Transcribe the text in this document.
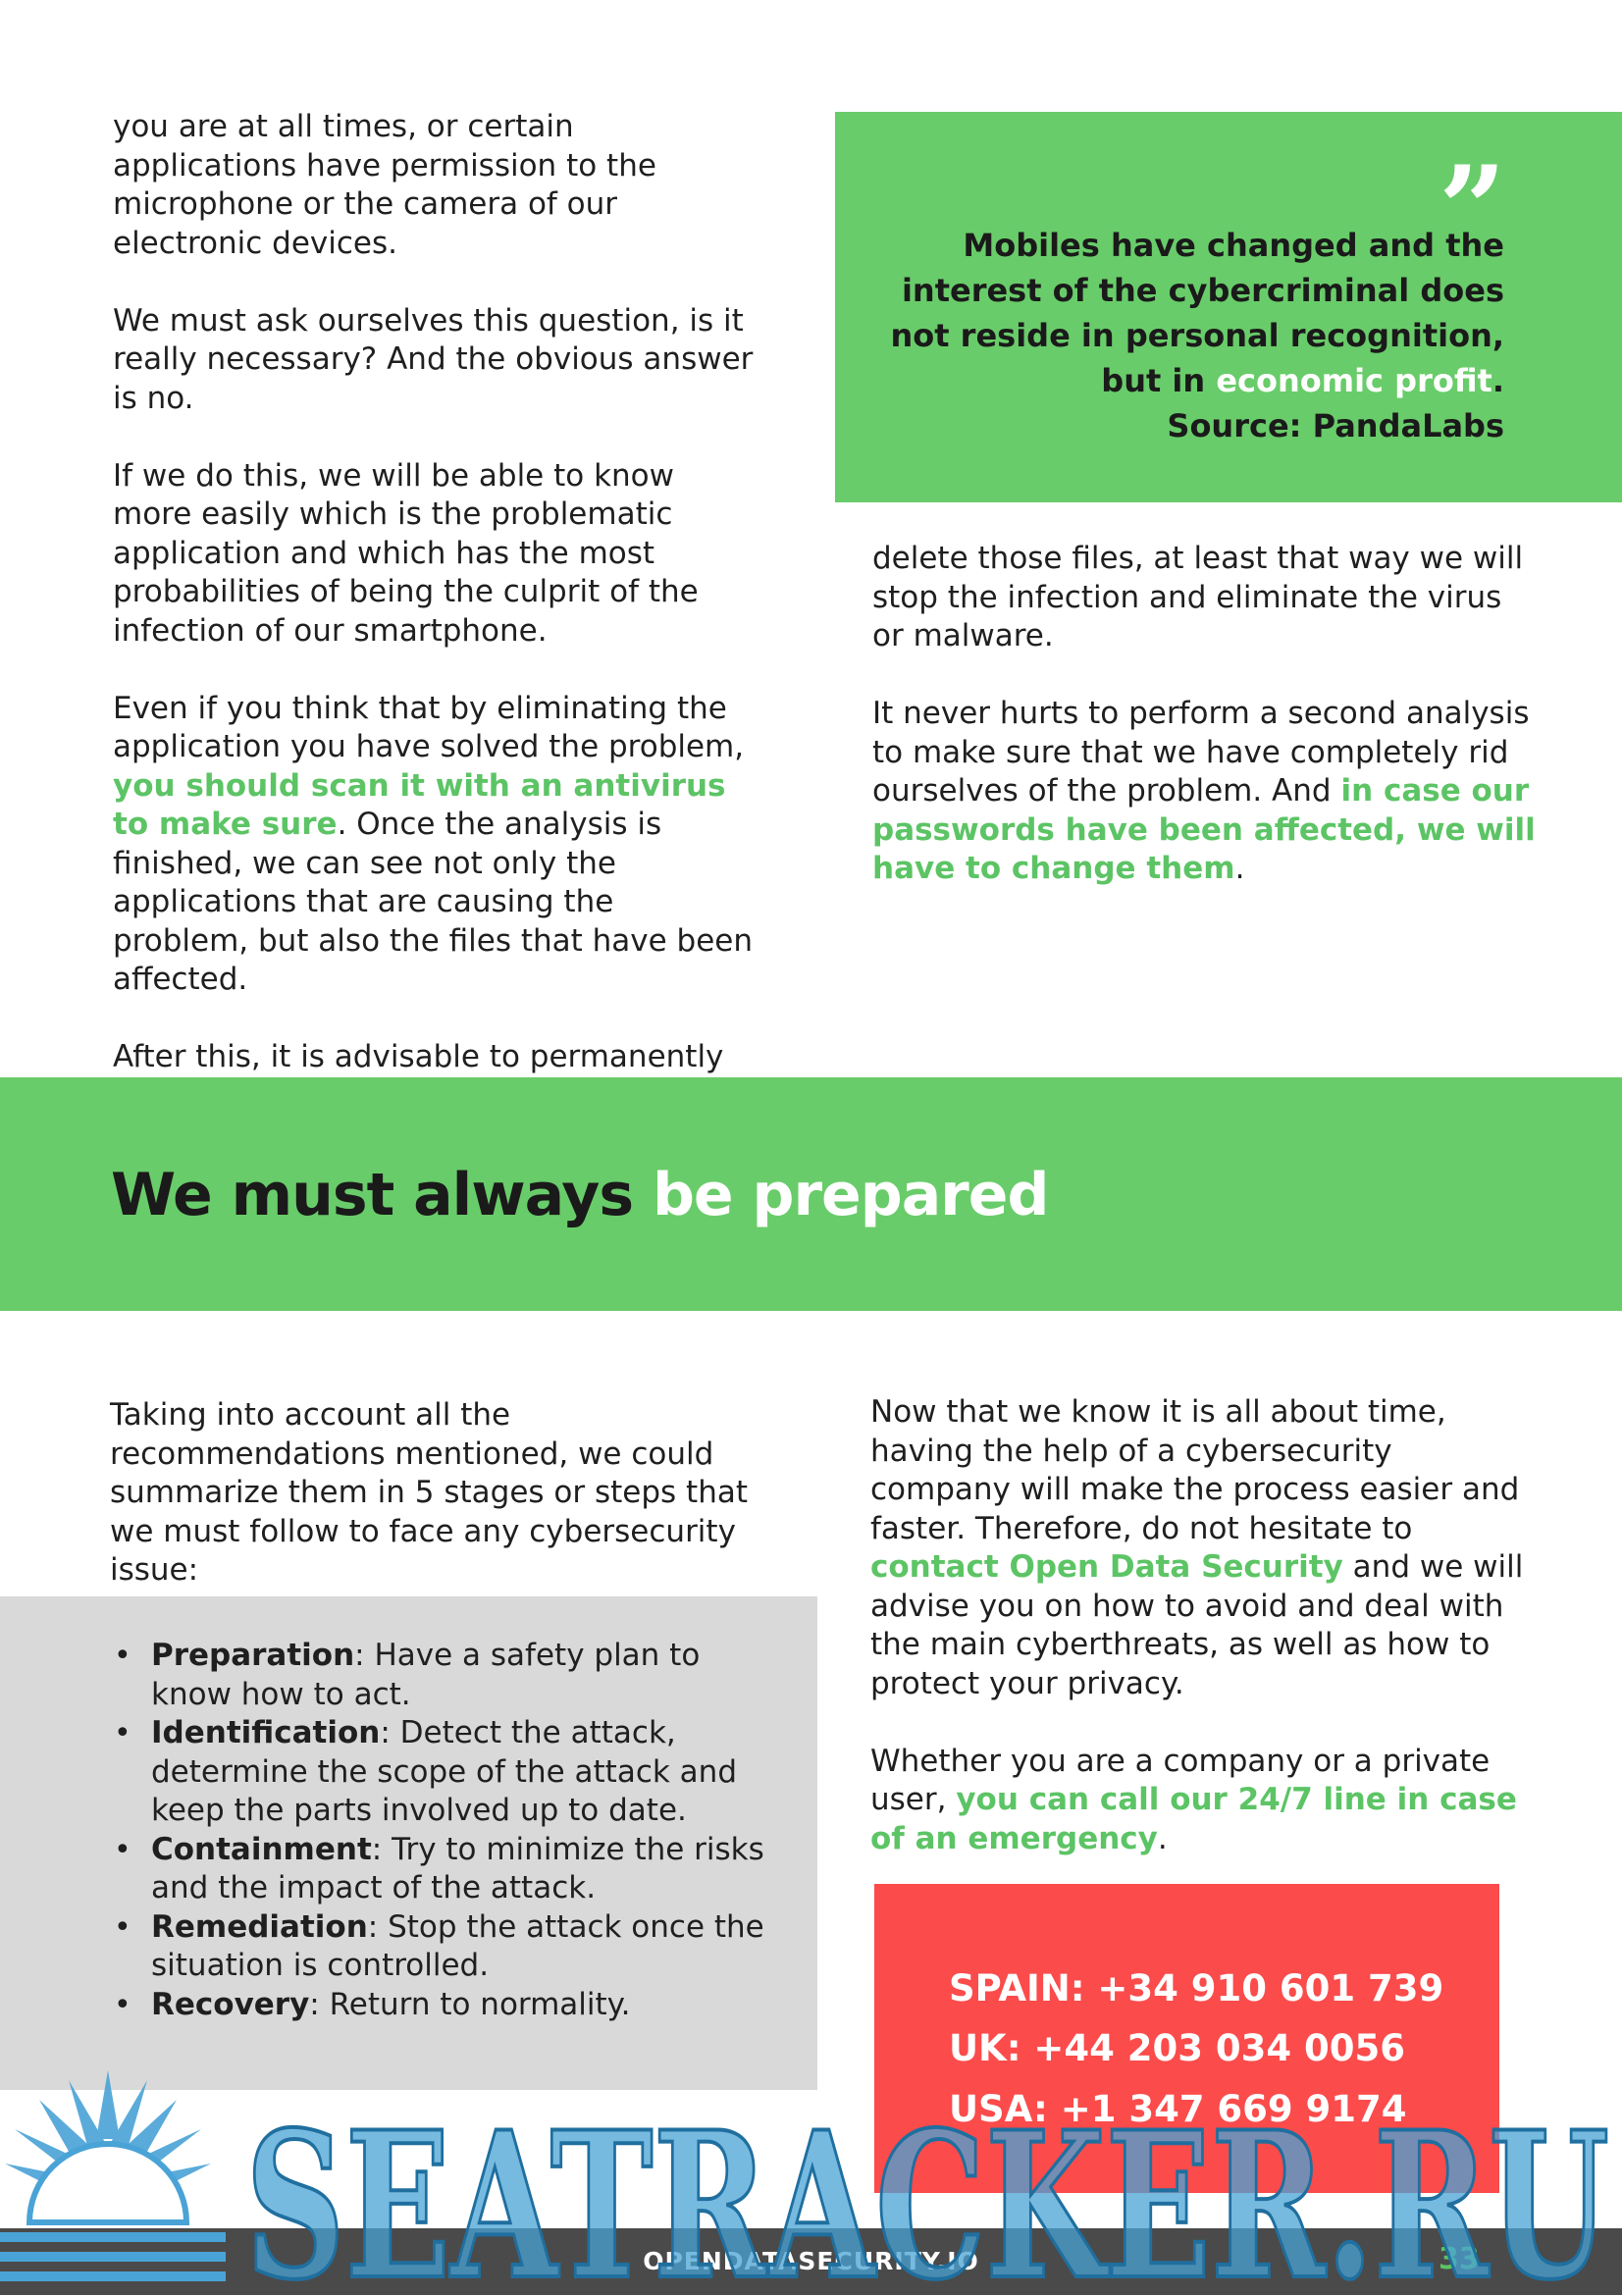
you are at all times, or certain applications have permission to the microphone or the camera of our electronic devices.

We must ask ourselves this question, is it really necessary? And the obvious answer is no.

If we do this, we will be able to know more easily which is the problematic application and which has the most probabilities of being the culprit of the infection of our smartphone.

Even if you think that by eliminating the application you have solved the problem, you should scan it with an antivirus to make sure. Once the analysis is finished, we can see not only the applications that are causing the problem, but also the files that have been affected.

After this, it is advisable to permanently

”
Mobiles have changed and the
interest of the cybercriminal does
not reside in personal recognition,
but in economic profit.
Source: PandaLabs

delete those files, at least that way we will stop the infection and eliminate the virus or malware.

It never hurts to perform a second analysis to make sure that we have completely rid ourselves of the problem. And in case our passwords have been affected, we will have to change them.

We must always be prepared

Taking into account all the recommendations mentioned, we could summarize them in 5 stages or steps that we must follow to face any cybersecurity issue:

• Preparation: Have a safety plan to know how to act.
• Identification: Detect the attack, determine the scope of the attack and keep the parts involved up to date.
• Containment: Try to minimize the risks and the impact of the attack.
• Remediation: Stop the attack once the situation is controlled.
• Recovery: Return to normality.

Now that we know it is all about time, having the help of a cybersecurity company will make the process easier and faster. Therefore, do not hesitate to contact Open Data Security and we will advise you on how to avoid and deal with the main cyberthreats, as well as how to protect your privacy.

Whether you are a company or a private user, you can call our 24/7 line in case of an emergency.

SPAIN: +34 910 601 739
UK: +44 203 034 0056
USA: +1 347 669 9174
OPENDATASECURITY.IO	33
SEATRACKER.RU
